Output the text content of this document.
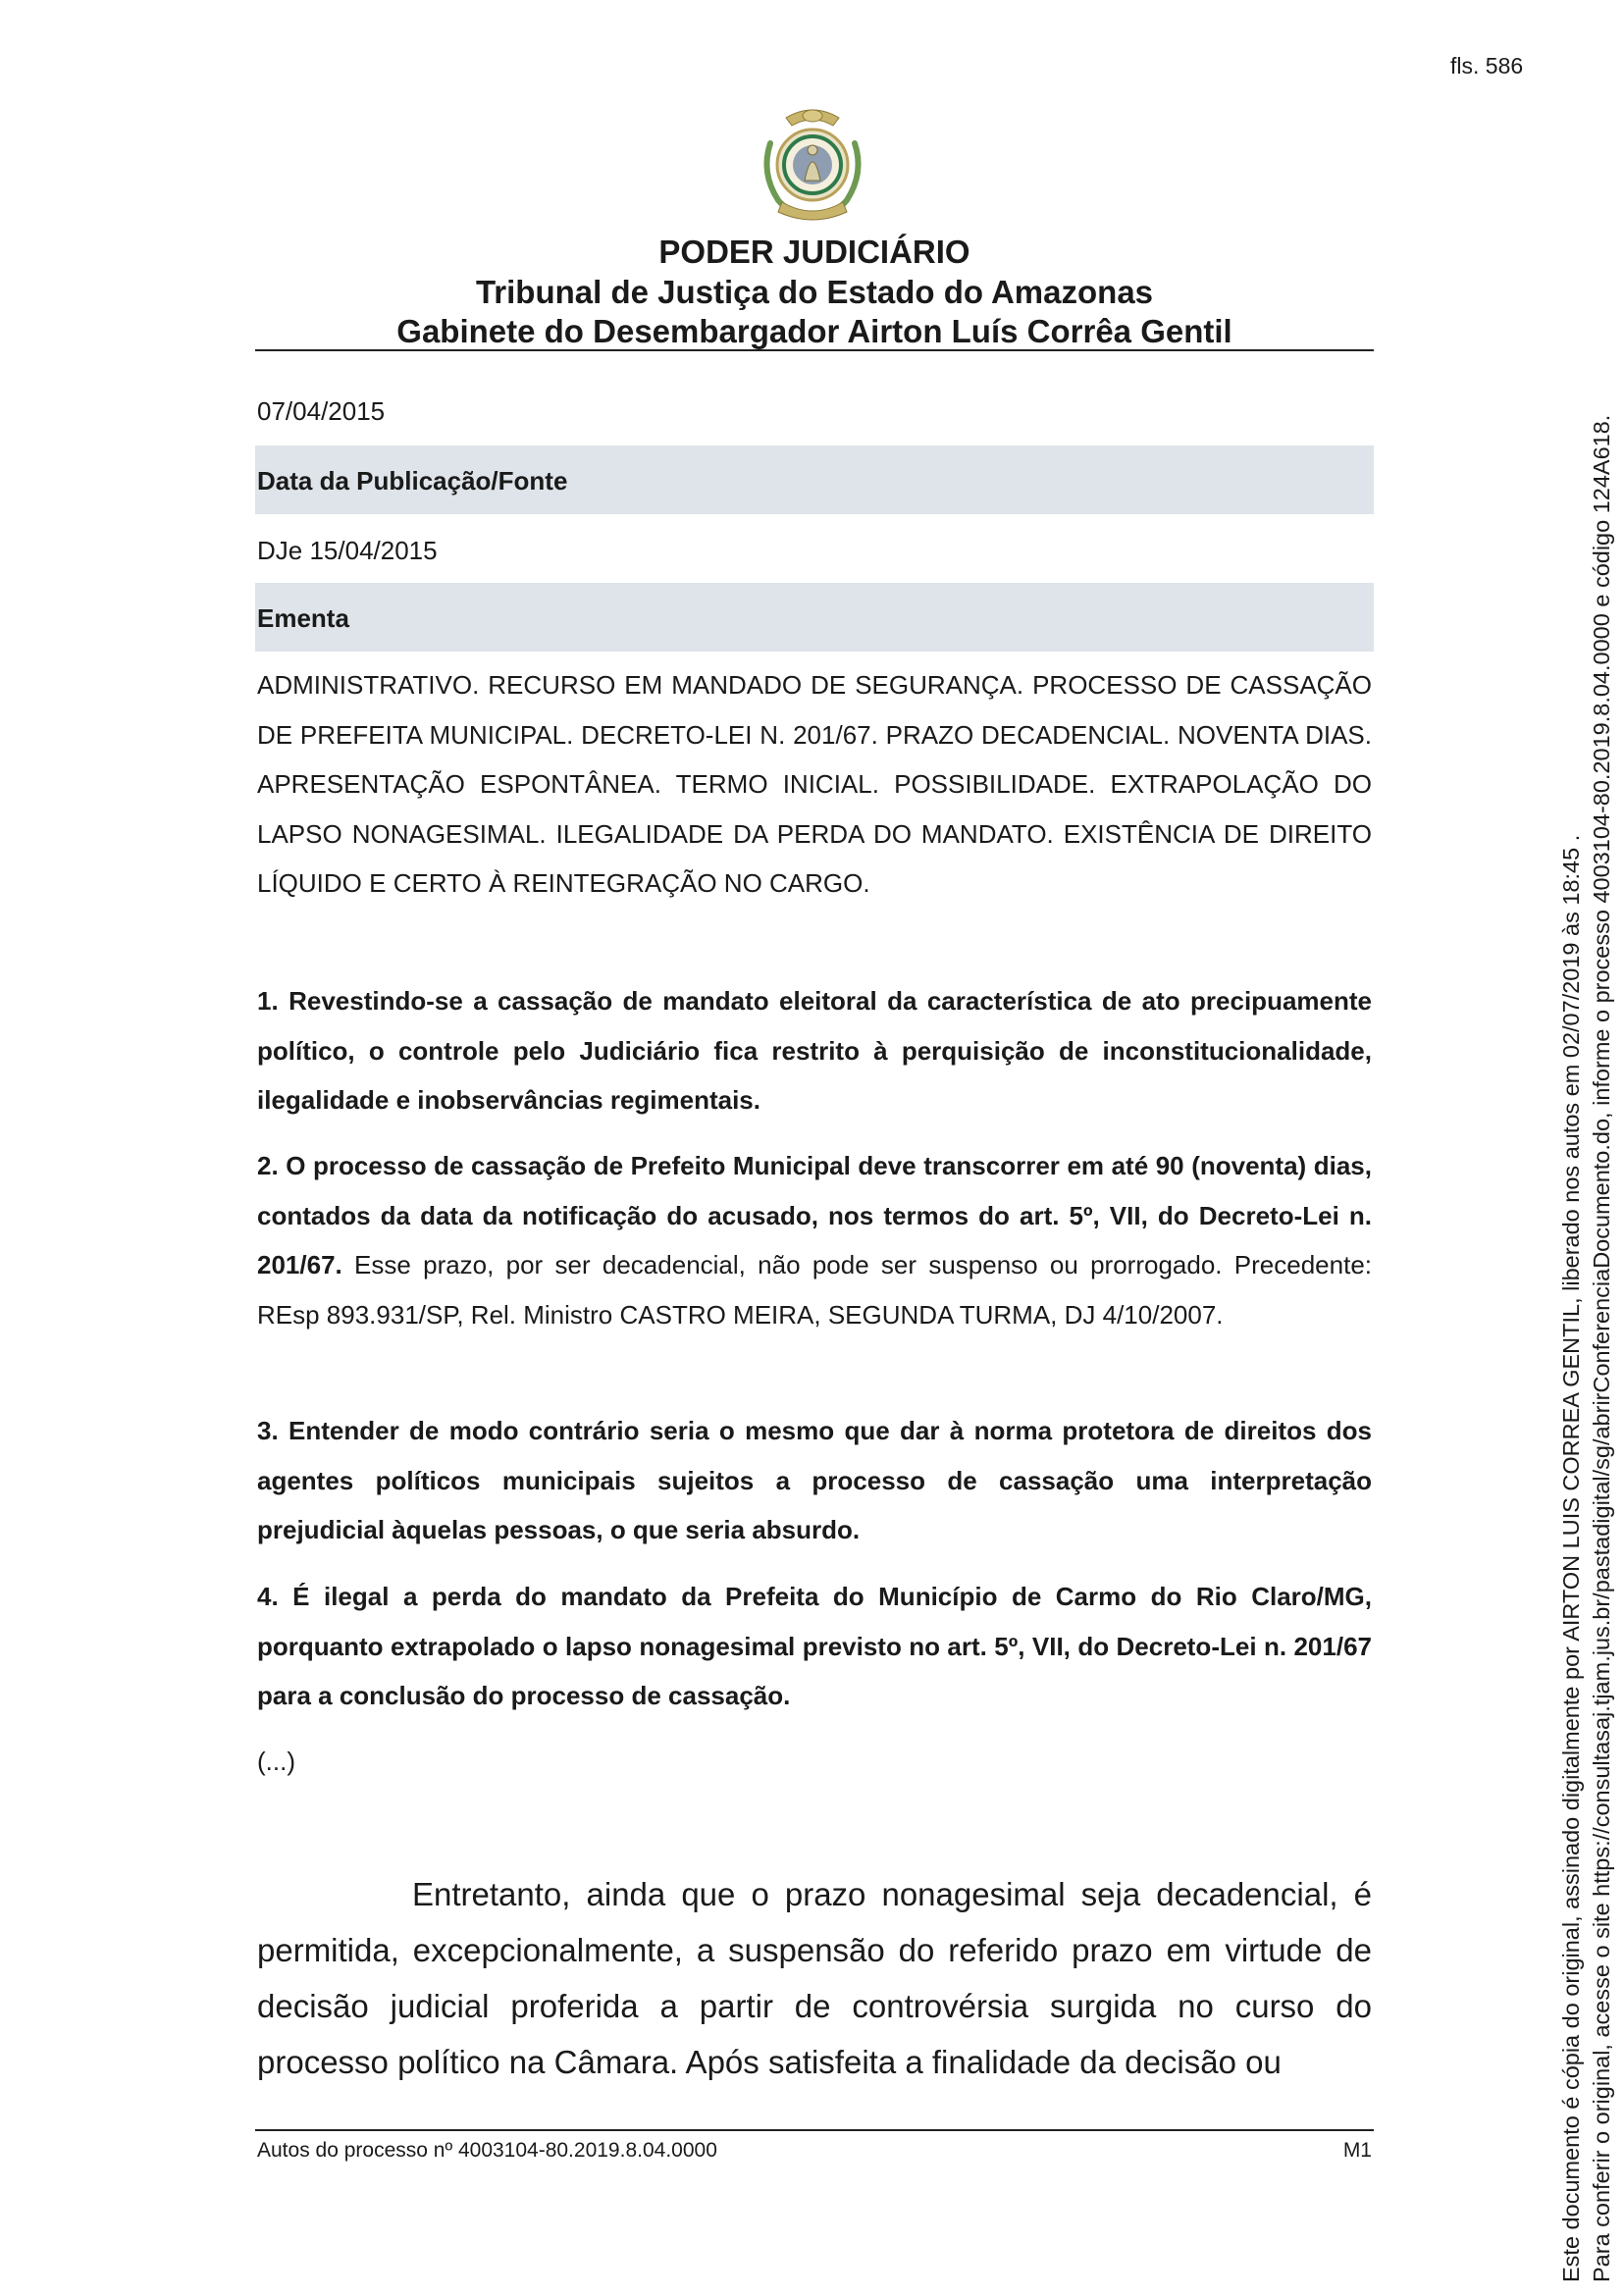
fls. 586
PODER JUDICIÁRIO
Tribunal de Justiça do Estado do Amazonas
Gabinete do Desembargador Airton Luís Corrêa Gentil
07/04/2015
Data da Publicação/Fonte
DJe 15/04/2015
Ementa
ADMINISTRATIVO. RECURSO EM MANDADO DE SEGURANÇA. PROCESSO DE CASSAÇÃO DE PREFEITA MUNICIPAL. DECRETO-LEI N. 201/67. PRAZO DECADENCIAL. NOVENTA DIAS. APRESENTAÇÃO ESPONTÂNEA. TERMO INICIAL. POSSIBILIDADE. EXTRAPOLAÇÃO DO LAPSO NONAGESIMAL. ILEGALIDADE DA PERDA DO MANDATO. EXISTÊNCIA DE DIREITO LÍQUIDO E CERTO À REINTEGRAÇÃO NO CARGO.
1. Revestindo-se a cassação de mandato eleitoral da característica de ato precipuamente político, o controle pelo Judiciário fica restrito à perquisição de inconstitucionalidade, ilegalidade e inobservâncias regimentais.
2. O processo de cassação de Prefeito Municipal deve transcorrer em até 90 (noventa) dias, contados da data da notificação do acusado, nos termos do art. 5º, VII, do Decreto-Lei n. 201/67. Esse prazo, por ser decadencial, não pode ser suspenso ou prorrogado. Precedente: REsp 893.931/SP, Rel. Ministro CASTRO MEIRA, SEGUNDA TURMA, DJ 4/10/2007.
3. Entender de modo contrário seria o mesmo que dar à norma protetora de direitos dos agentes políticos municipais sujeitos a processo de cassação uma interpretação prejudicial àquelas pessoas, o que seria absurdo.
4. É ilegal a perda do mandato da Prefeita do Município de Carmo do Rio Claro/MG, porquanto extrapolado o lapso nonagesimal previsto no art. 5º, VII, do Decreto-Lei n. 201/67 para a conclusão do processo de cassação.
(...)
Entretanto, ainda que o prazo nonagesimal seja decadencial, é permitida, excepcionalmente, a suspensão do referido prazo em virtude de decisão judicial proferida a partir de controvérsia surgida no curso do processo político na Câmara. Após satisfeita a finalidade da decisão ou
Autos do processo nº 4003104-80.2019.8.04.0000	M1	Este documento é cópia do original, assinado digitalmente por AIRTON LUIS CORREA GENTIL, liberado nos autos em 02/07/2019 às 18:45 . Para conferir o original, acesse o site https://consultasaj.tjam.jus.br/pastadigital/sg/abrirConferenciaDocumento.do, informe o processo 4003104-80.2019.8.04.0000 e código 124A618.
